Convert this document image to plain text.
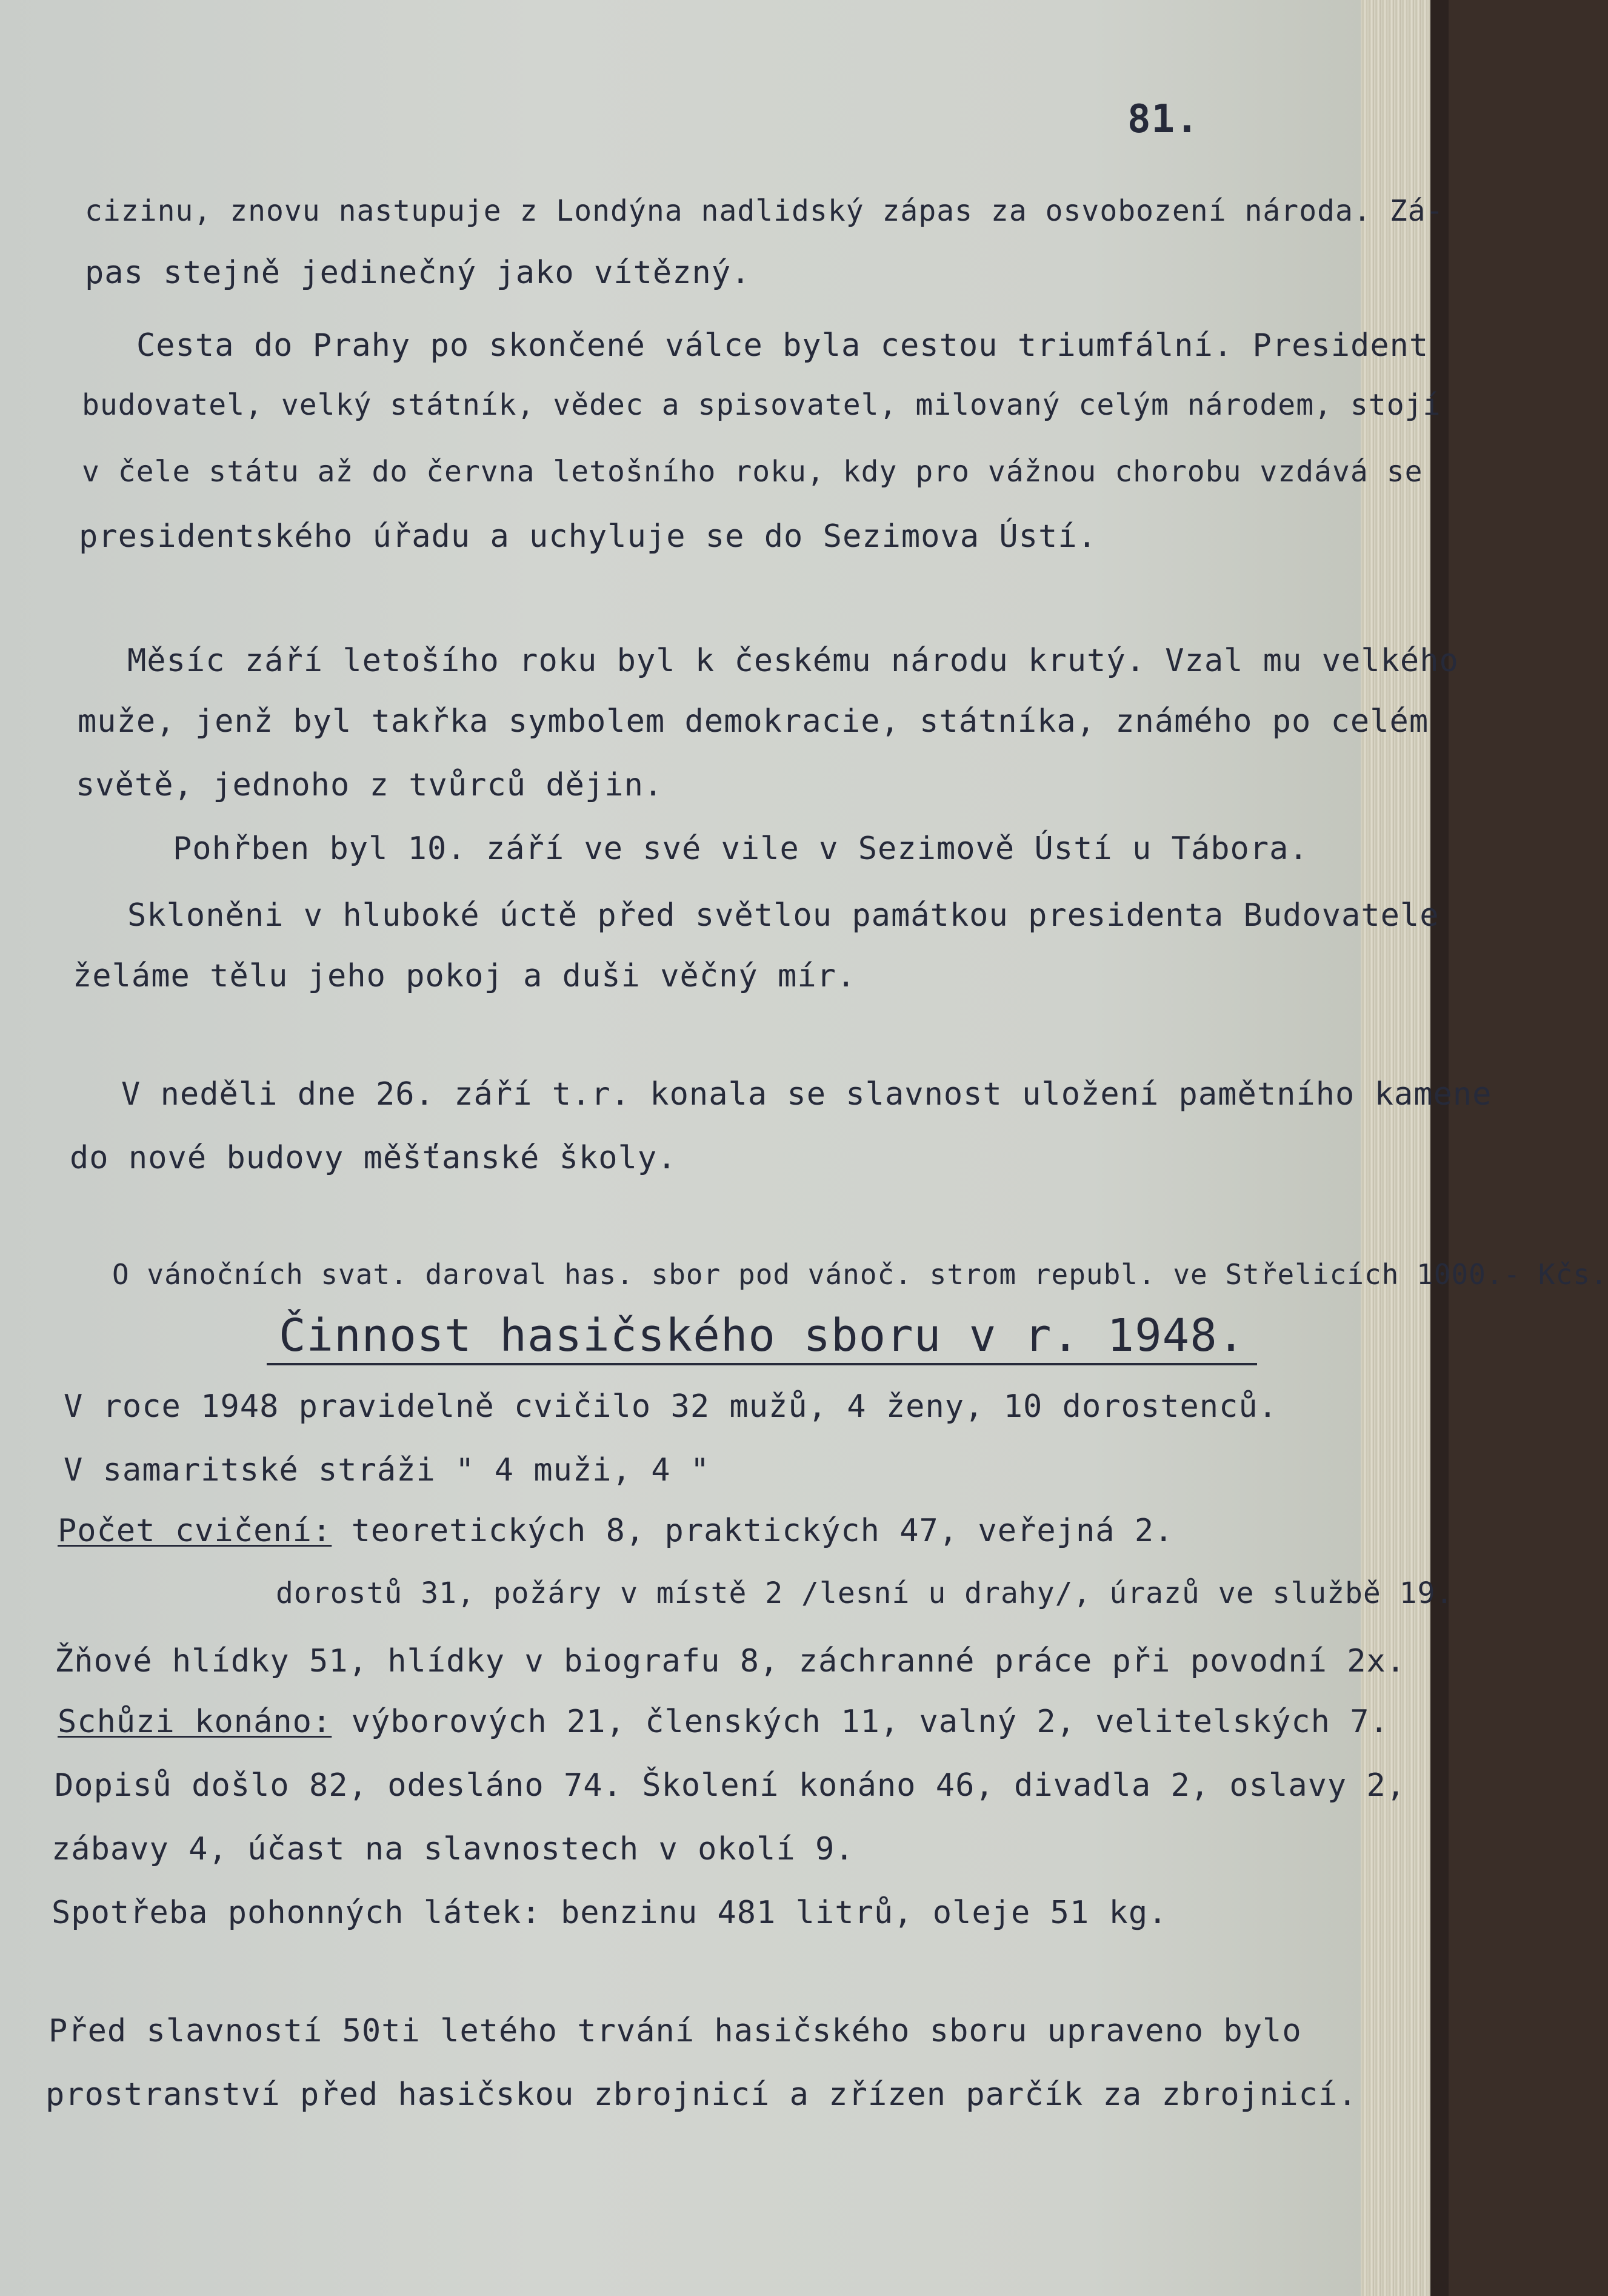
81.
cizinu, znovu nastupuje z Londýna nadlidský zápas za osvobození národa. Zá-
pas stejně jedinečný jako vítězný.
Cesta do Prahy po skončené válce byla cestou triumfální. President
budovatel, velký státník, vědec a spisovatel, milovaný celým národem, stojí
v čele státu až do června letošního roku, kdy pro vážnou chorobu vzdává se
presidentského úřadu a uchyluje se do Sezimova Ústí.
Měsíc září letošího roku byl k českému národu krutý. Vzal mu velkého
muže, jenž byl takřka symbolem demokracie, státníka, známého po celém
světě, jednoho z tvůrců dějin.
Pohřben byl 10. září ve své vile v Sezimově Ústí u Tábora.
Skloněni v hluboké úctě před světlou památkou presidenta Budovatele
želáme tělu jeho pokoj a duši věčný mír.
V neděli dne 26. září t.r. konala se slavnost uložení pamětního kamene
do nové budovy měšťanské školy.
O vánočních svat. daroval has. sbor pod vánoč. strom republ. ve Střelicích 1000.- Kčs.
Činnost hasičského sboru v r. 1948.
V roce 1948 pravidelně cvičilo 32 mužů, 4 ženy, 10 dorostenců.
V samaritské stráži " 4 muži, 4 "
Počet cvičení: teoretických 8, praktických 47, veřejná 2.
dorostů 31, požáry v místě 2 /lesní u drahy/, úrazů ve službě 19.
Žňové hlídky 51, hlídky v biografu 8, záchranné práce při povodní 2x.
Schůzi konáno: výborových 21, členských 11, valný 2, velitelských 7.
Dopisů došlo 82, odesláno 74. Školení konáno 46, divadla 2, oslavy 2,
zábavy 4, účast na slavnostech v okolí 9.
Spotřeba pohonných látek: benzinu 481 litrů, oleje 51 kg.
Před slavností 50ti letého trvání hasičského sboru upraveno bylo
prostranství před hasičskou zbrojnicí a zřízen parčík za zbrojnicí.
